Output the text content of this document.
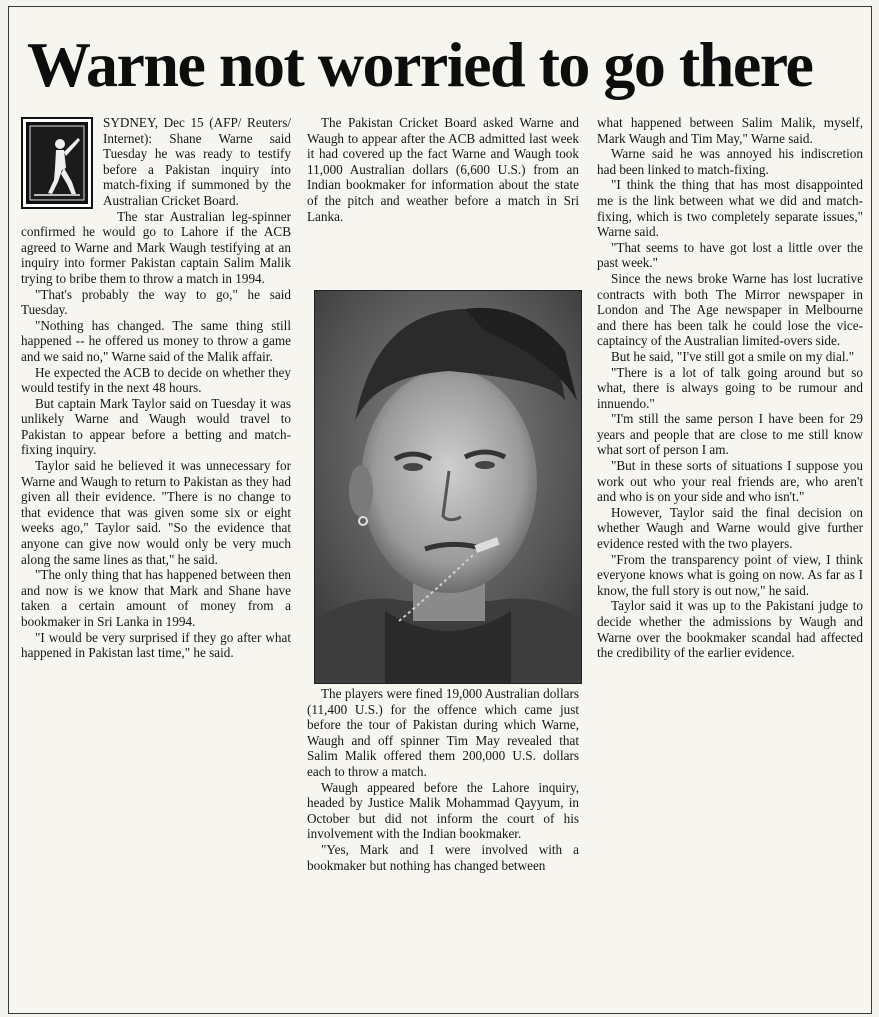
Warne not worried to go there

SYDNEY, Dec 15 (AFP/ Reuters/ Internet): Shane Warne said Tuesday he was ready to testify before a Pakistan inquiry into match-fixing if summoned by the Australian Cricket Board.

The star Australian leg-spinner confirmed he would go to Lahore if the ACB agreed to Warne and Mark Waugh testifying at an inquiry into former Pakistan captain Salim Malik trying to bribe them to throw a match in 1994.

"That's probably the way to go," he said Tuesday.

"Nothing has changed. The same thing still happened -- he offered us money to throw a game and we said no," Warne said of the Malik affair.

He expected the ACB to decide on whether they would testify in the next 48 hours.

But captain Mark Taylor said on Tuesday it was unlikely Warne and Waugh would travel to Pakistan to appear before a betting and match-fixing inquiry.

Taylor said he believed it was unnecessary for Warne and Waugh to return to Pakistan as they had given all their evidence. "There is no change to that evidence that was given some six or eight weeks ago," Taylor said. "So the evidence that anyone can give now would only be very much along the same lines as that," he said.

"The only thing that has happened between then and now is we know that Mark and Shane have taken a certain amount of money from a bookmaker in Sri Lanka in 1994.

"I would be very surprised if they go after what happened in Pakistan last time," he said.

The Pakistan Cricket Board asked Warne and Waugh to appear after the ACB admitted last week it had covered up the fact Warne and Waugh took 11,000 Australian dollars (6,600 U.S.) from an Indian bookmaker for information about the state of the pitch and weather before a match in Sri Lanka.

The players were fined 19,000 Australian dollars (11,400 U.S.) for the offence which came just before the tour of Pakistan during which Warne, Waugh and off spinner Tim May revealed that Salim Malik offered them 200,000 U.S. dollars each to throw a match.

Waugh appeared before the Lahore inquiry, headed by Justice Malik Mohammad Qayyum, in October but did not inform the court of his involvement with the Indian bookmaker.

"Yes, Mark and I were involved with a bookmaker but nothing has changed between

what happened between Salim Malik, myself, Mark Waugh and Tim May," Warne said.

Warne said he was annoyed his indiscretion had been linked to match-fixing.

"I think the thing that has most disappointed me is the link between what we did and match-fixing, which is two completely separate issues," Warne said.

"That seems to have got lost a little over the past week."

Since the news broke Warne has lost lucrative contracts with both The Mirror newspaper in London and The Age newspaper in Melbourne and there has been talk he could lose the vice-captaincy of the Australian limited-overs side.

But he said, "I've still got a smile on my dial."

"There is a lot of talk going around but so what, there is always going to be rumour and innuendo."

"I'm still the same person I have been for 29 years and people that are close to me still know what sort of person I am.

"But in these sorts of situations I suppose you work out who your real friends are, who aren't and who is on your side and who isn't."

However, Taylor said the final decision on whether Waugh and Warne would give further evidence rested with the two players.

"From the transparency point of view, I think everyone knows what is going on now. As far as I know, the full story is out now," he said.

Taylor said it was up to the Pakistani judge to decide whether the admissions by Waugh and Warne over the bookmaker scandal had affected the credibility of the earlier evidence.
